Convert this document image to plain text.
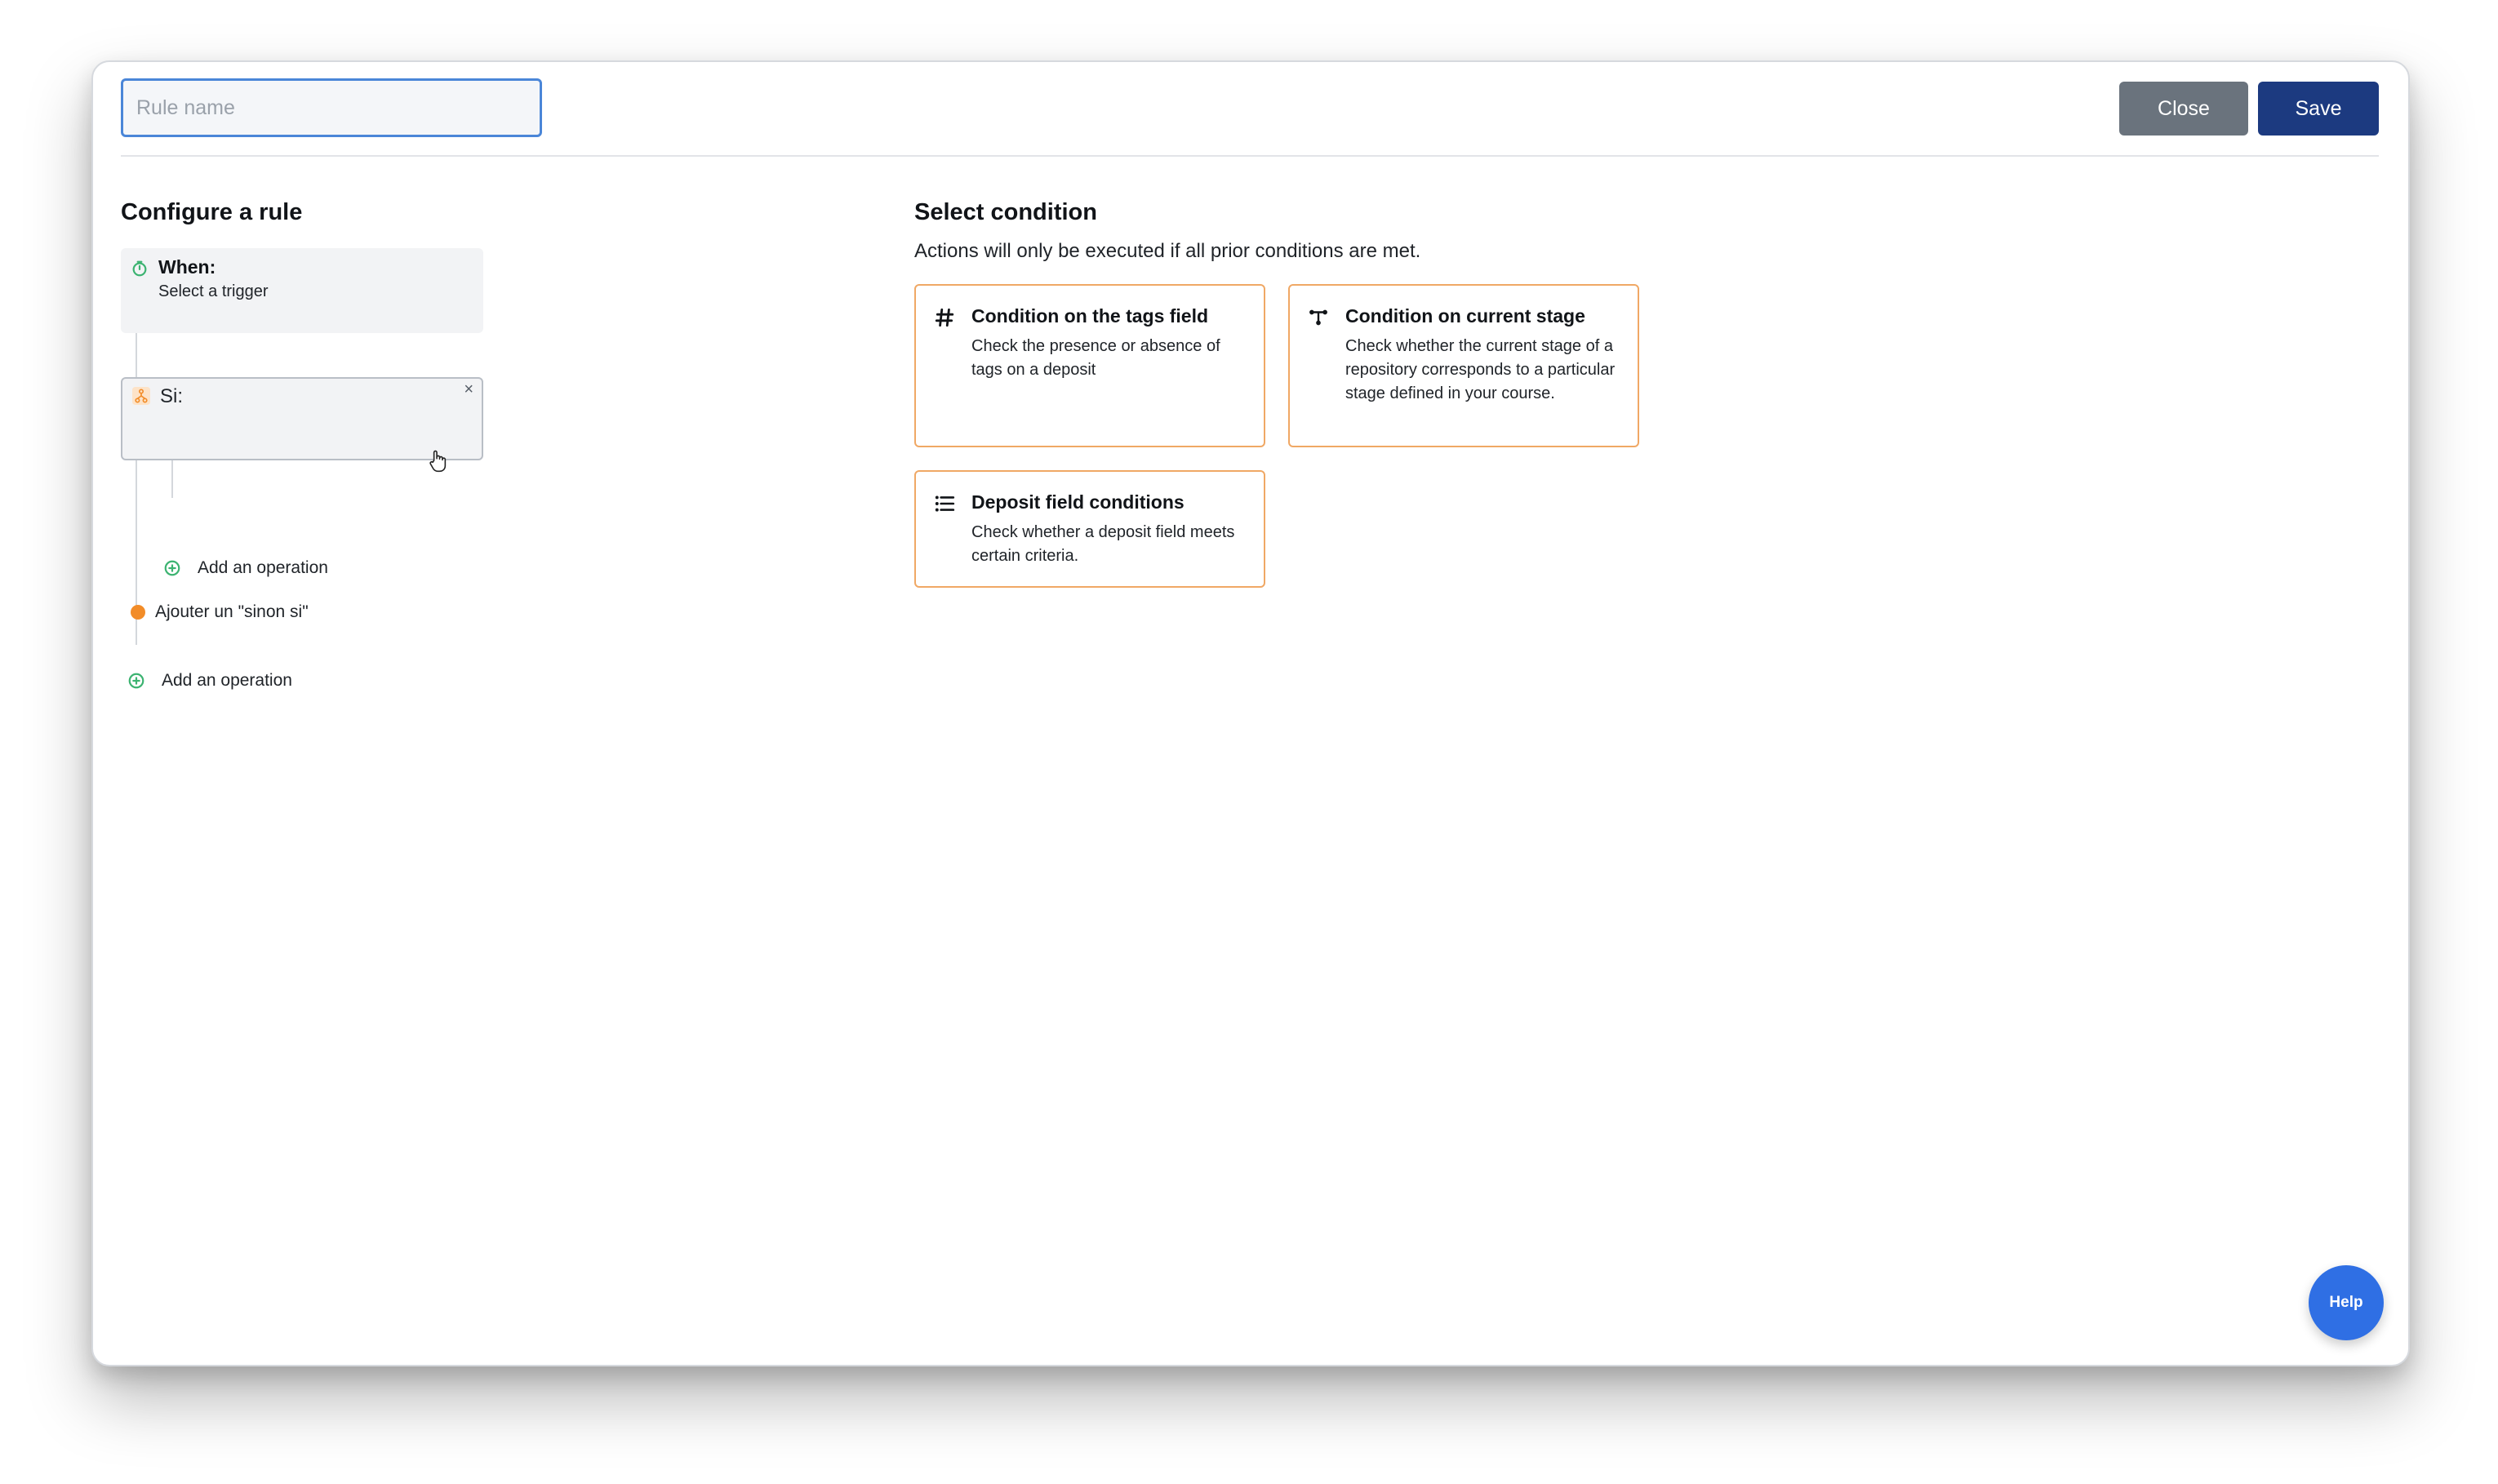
Rule name
Close	Save
Configure a rule
When:
Select a trigger
Si:	×
Add an operation
Ajouter un "sinon si"
Add an operation
Select condition
Actions will only be executed if all prior conditions are met.
Condition on the tags field
Check the presence or absence of tags on a deposit
Condition on current stage
Check whether the current stage of a repository corresponds to a particular stage defined in your course.
Deposit field conditions
Check whether a deposit field meets certain criteria.
Help
